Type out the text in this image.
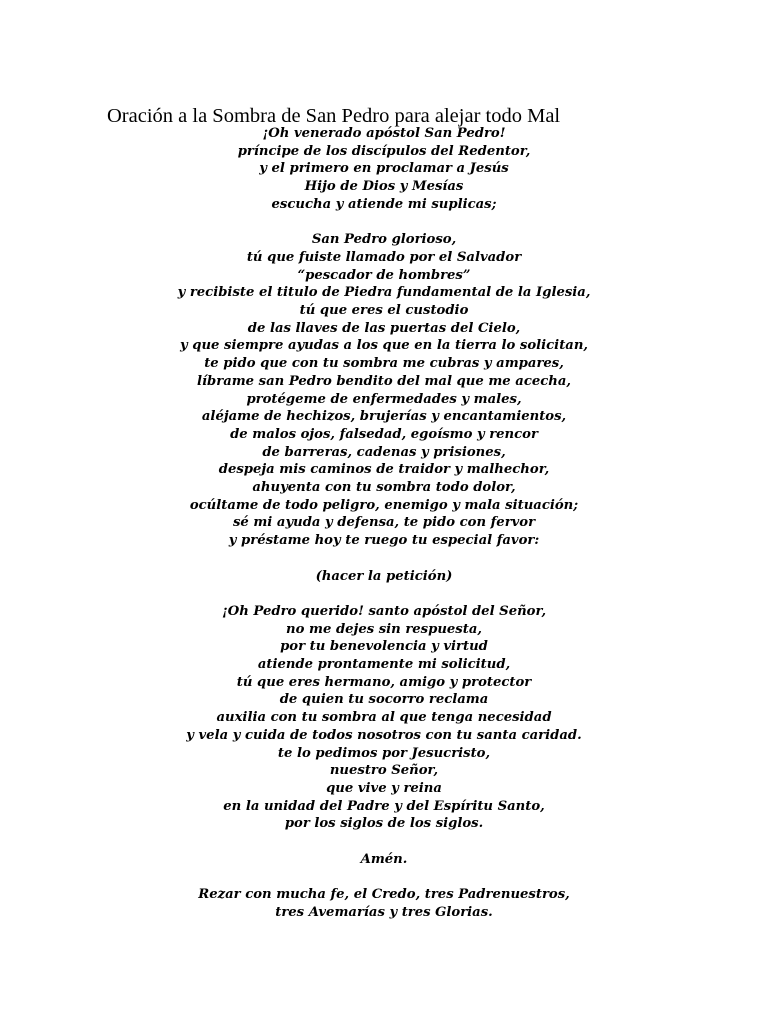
Oración a la Sombra de San Pedro para alejar todo Mal

¡Oh venerado apóstol San Pedro!
príncipe de los discípulos del Redentor,
y el primero en proclamar a Jesús
Hijo de Dios y Mesías
escucha y atiende mi suplicas;

San Pedro glorioso,
tú que fuiste llamado por el Salvador
“pescador de hombres”
y recibiste el titulo de Piedra fundamental de la Iglesia,
tú que eres el custodio
de las llaves de las puertas del Cielo,
y que siempre ayudas a los que en la tierra lo solicitan,
te pido que con tu sombra me cubras y ampares,
líbrame san Pedro bendito del mal que me acecha,
protégeme de enfermedades y males,
aléjame de hechizos, brujerías y encantamientos,
de malos ojos, falsedad, egoísmo y rencor
de barreras, cadenas y prisiones,
despeja mis caminos de traidor y malhechor,
ahuyenta con tu sombra todo dolor,
ocúltame de todo peligro, enemigo y mala situación;
sé mi ayuda y defensa, te pido con fervor
y préstame hoy te ruego tu especial favor:

(hacer la petición)

¡Oh Pedro querido! santo apóstol del Señor,
no me dejes sin respuesta,
por tu benevolencia y virtud
atiende prontamente mi solicitud,
tú que eres hermano, amigo y protector
de quien tu socorro reclama
auxilia con tu sombra al que tenga necesidad
y vela y cuida de todos nosotros con tu santa caridad.
te lo pedimos por Jesucristo,
nuestro Señor,
que vive y reina
en la unidad del Padre y del Espíritu Santo,
por los siglos de los siglos.

Amén.

Rezar con mucha fe, el Credo, tres Padrenuestros,
tres Avemarías y tres Glorias.
